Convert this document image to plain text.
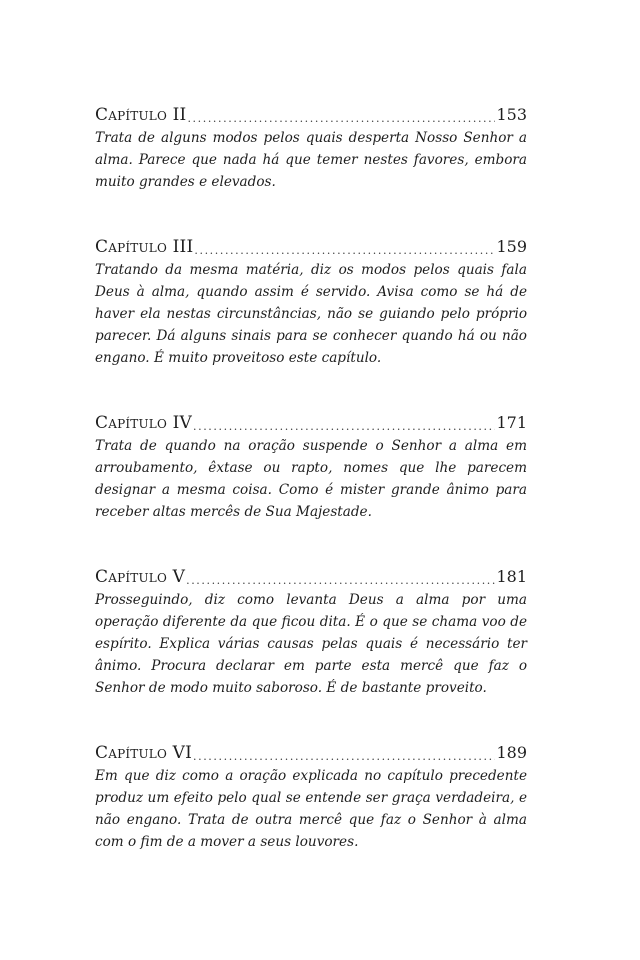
Capítulo II .....	153

Trata de alguns modos pelos quais desperta Nosso Senhor a alma. Parece que nada há que temer nestes favores, embora muito grandes e elevados.

Capítulo III .....	159

Tratando da mesma matéria, diz os modos pelos quais fala Deus à alma, quando assim é servido. Avisa como se há de haver ela nestas circunstâncias, não se guiando pelo próprio parecer. Dá alguns sinais para se conhecer quando há ou não engano. É muito proveitoso este capítulo.

Capítulo IV .....	171

Trata de quando na oração suspende o Senhor a alma em arroubamento, êxtase ou rapto, nomes que lhe parecem designar a mesma coisa. Como é mister grande ânimo para receber altas mercês de Sua Majestade.

Capítulo V .....	181

Prosseguindo, diz como levanta Deus a alma por uma operação diferente da que ficou dita. É o que se chama voo de espírito. Explica várias causas pelas quais é necessário ter ânimo. Procura declarar em parte esta mercê que faz o Senhor de modo muito saboroso. É de bastante proveito.

Capítulo VI .....	189

Em que diz como a oração explicada no capítulo precedente produz um efeito pelo qual se entende ser graça verdadeira, e não engano. Trata de outra mercê que faz o Senhor à alma com o fim de a mover a seus louvores.
